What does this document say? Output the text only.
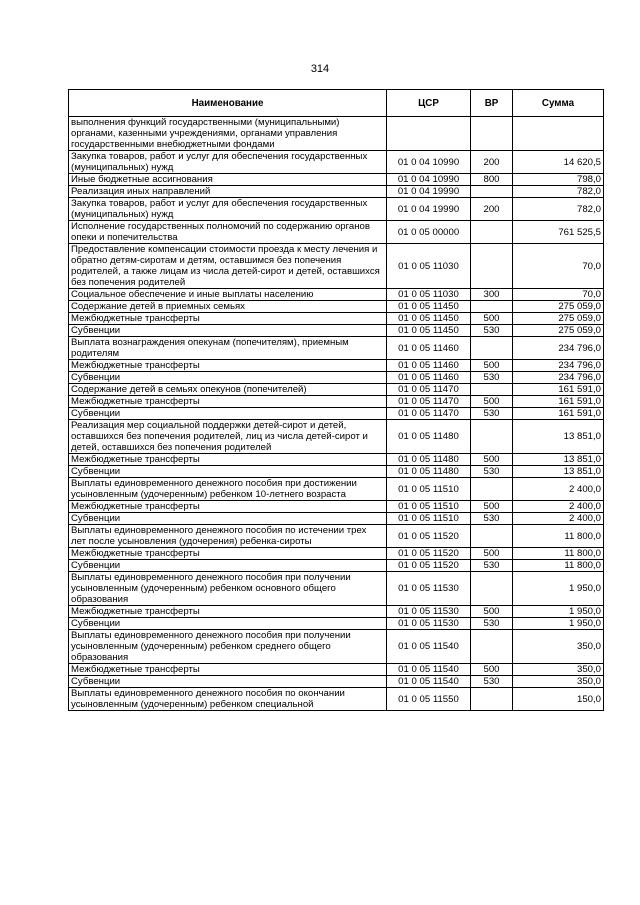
314
Наименование	ЦСР	ВР	Сумма
выполнения функций государственными (муниципальными) органами, казенными учреждениями, органами управления государственными внебюджетными фондами			
Закупка товаров, работ и услуг для обеспечения государственных (муниципальных) нужд	01 0 04 10990	200	14 620,5
Иные бюджетные ассигнования	01 0 04 10990	800	798,0
Реализация иных направлений	01 0 04 19990		782,0
Закупка товаров, работ и услуг для обеспечения государственных (муниципальных) нужд	01 0 04 19990	200	782,0
Исполнение государственных полномочий по содержанию органов опеки и попечительства	01 0 05 00000		761 525,5
Предоставление компенсации стоимости проезда к месту лечения и обратно детям-сиротам и детям, оставшимся без попечения родителей, а также лицам из числа детей-сирот и детей, оставшихся без попечения родителей	01 0 05 11030		70,0
Социальное обеспечение и иные выплаты населению	01 0 05 11030	300	70,0
Содержание детей в приемных семьях	01 0 05 11450		275 059,0
Межбюджетные трансферты	01 0 05 11450	500	275 059,0
Субвенции	01 0 05 11450	530	275 059,0
Выплата вознаграждения опекунам (попечителям), приемным родителям	01 0 05 11460		234 796,0
Межбюджетные трансферты	01 0 05 11460	500	234 796,0
Субвенции	01 0 05 11460	530	234 796,0
Содержание детей в семьях опекунов (попечителей)	01 0 05 11470		161 591,0
Межбюджетные трансферты	01 0 05 11470	500	161 591,0
Субвенции	01 0 05 11470	530	161 591,0
Реализация мер социальной поддержки детей-сирот и детей, оставшихся без попечения родителей, лиц из числа детей-сирот и детей, оставшихся без попечения родителей	01 0 05 11480		13 851,0
Межбюджетные трансферты	01 0 05 11480	500	13 851,0
Субвенции	01 0 05 11480	530	13 851,0
Выплаты единовременного денежного пособия при достижении усыновленным (удочеренным) ребенком 10-летнего возраста	01 0 05 11510		2 400,0
Межбюджетные трансферты	01 0 05 11510	500	2 400,0
Субвенции	01 0 05 11510	530	2 400,0
Выплаты единовременного денежного пособия по истечении трех лет после усыновления (удочерения) ребенка-сироты	01 0 05 11520		11 800,0
Межбюджетные трансферты	01 0 05 11520	500	11 800,0
Субвенции	01 0 05 11520	530	11 800,0
Выплаты единовременного денежного пособия при получении усыновленным (удочеренным) ребенком основного общего образования	01 0 05 11530		1 950,0
Межбюджетные трансферты	01 0 05 11530	500	1 950,0
Субвенции	01 0 05 11530	530	1 950,0
Выплаты единовременного денежного пособия при получении усыновленным (удочеренным) ребенком среднего общего образования	01 0 05 11540		350,0
Межбюджетные трансферты	01 0 05 11540	500	350,0
Субвенции	01 0 05 11540	530	350,0
Выплаты единовременного денежного пособия по окончании усыновленным (удочеренным) ребенком специальной	01 0 05 11550		150,0
